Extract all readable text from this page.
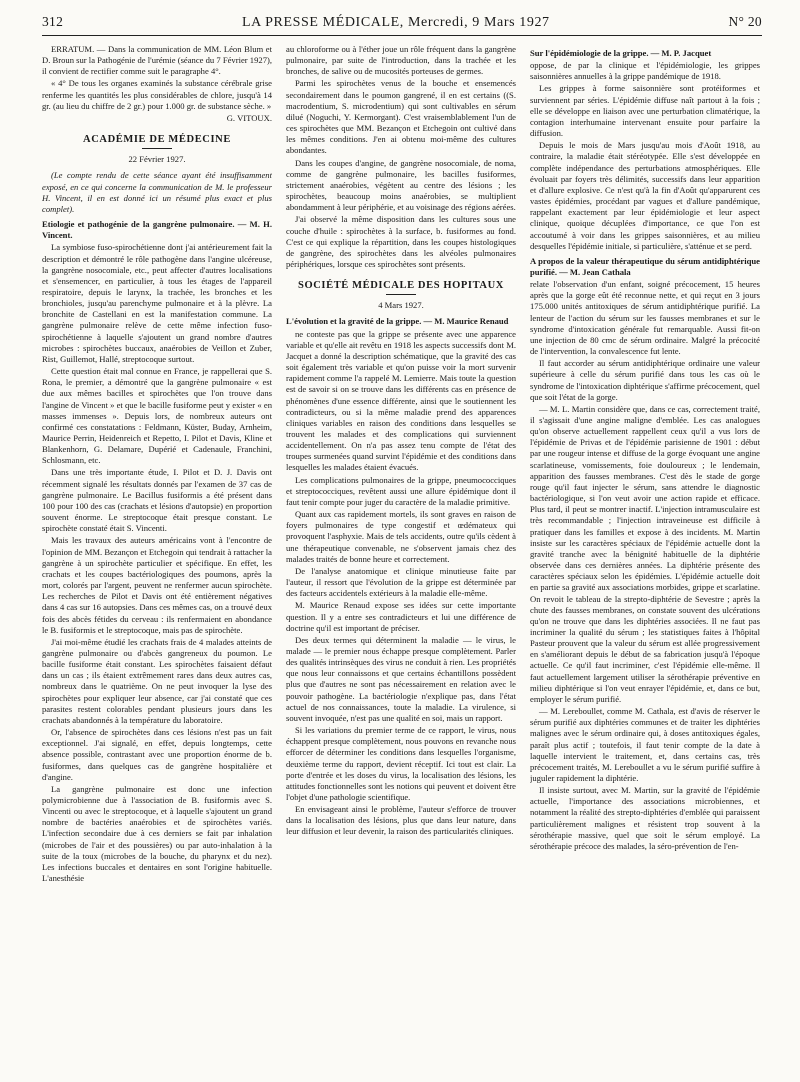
312	LA PRESSE MÉDICALE, Mercredi, 9 Mars 1927	N° 20

ERRATUM. — Dans la communication de MM. Léon Blum et D. Broun sur la Pathogénie de l'urémie (séance du 7 Février 1927), il convient de rectifier comme suit le paragraphe 4°.

« 4° De tous les organes examinés la substance cérébrale grise renferme les quantités les plus considérables de chlore, jusqu'à 14 gr. (au lieu du chiffre de 2 gr.) pour 1.000 gr. de substance sèche. »

G. VITOUX.

ACADÉMIE DE MÉDECINE
22 Février 1927.

(Le compte rendu de cette séance ayant été insuffisamment exposé, en ce qui concerne la communication de M. le professeur H. Vincent, il en est donné ici un résumé plus exact et plus complet).

Etiologie et pathogénie de la gangrène pulmonaire. — M. H. Vincent.

La symbiose fuso-spirochétienne dont j'ai antérieurement fait la description et démontré le rôle pathogène dans l'angine ulcéreuse, la gangrène nosocomiale, etc., peut affecter d'autres localisations et s'ensemencer, en particulier, à tous les étages de l'appareil respiratoire, depuis le larynx, la trachée, les bronches et les bronchioles, jusqu'au parenchyme pulmonaire et à la plèvre. La bronchite de Castellani en est la manifestation commune. La gangrène pulmonaire relève de cette même infection fuso-spirochétienne à laquelle s'ajoutent un grand nombre d'autres microbes : spirochètes buccaux, anaérobies de Veillon et Zuber, Rist, Guillemot, Hallé, streptocoque surtout.

Cette question était mal connue en France, je rappellerai que S. Rona, le premier, a démontré que la gangrène pulmonaire « est due aux mêmes bacilles et spirochètes que l'on trouve dans l'angine de Vincent » et que le bacille fusiforme peut y exister « en masses immenses ». Depuis lors, de nombreux auteurs ont confirmé ces constatations : Feldmann, Küster, Buday, Arnheim, Maurice Perrin, Heidenreich et Repetto, I. Pilot et Davis, Kline et Blankenhorn, G. Delamare, Dupérié et Cadenaule, Franchini, Schlosmann, etc.

Dans une très importante étude, I. Pilot et D. J. Davis ont récemment signalé les résultats donnés par l'examen de 37 cas de gangrène pulmonaire. Le Bacillus fusiformis a été présent dans 100 pour 100 des cas (crachats et lésions d'autopsie) en proportion souvent énorme. Le streptocoque était presque constant. Le spirochète constaté était S. Vincenti.

Mais les travaux des auteurs américains vont à l'encontre de l'opinion de MM. Bezançon et Etchegoin qui tendrait à rattacher la gangrène à un spirochète particulier et spécifique. En effet, les crachats et les coupes bactériologiques des poumons, après la mort, colorés par l'argent, peuvent ne renfermer aucun spirochète. Les recherches de Pilot et Davis ont été entièrement négatives dans 4 cas sur 16 autopsies. Dans ces mêmes cas, on a trouvé deux fois des abcès fétides du cerveau : ils renfermaient en abondance le B. fusiformis et le streptocoque, mais pas de spirochète.

J'ai moi-même étudié les crachats frais de 4 malades atteints de gangrène pulmonaire ou d'abcès gangreneux du poumon. Le bacille fusiforme était constant. Les spirochètes faisaient défaut dans un cas ; ils étaient extrêmement rares dans deux autres cas, nombreux dans le quatrième. On ne peut invoquer la lyse des spirochètes pour expliquer leur absence, car j'ai constaté que ces parasites restent colorables pendant plusieurs jours dans les crachats abandonnés à la température du laboratoire.

Or, l'absence de spirochètes dans ces lésions n'est pas un fait exceptionnel. J'ai signalé, en effet, depuis longtemps, cette absence possible, contrastant avec une proportion énorme de b. fusiformes, dans quelques cas de gangrène hospitalière et d'angine.

La gangrène pulmonaire est donc une infection polymicrobienne due à l'association de B. fusiformis avec S. Vincenti ou avec le streptocoque, et à laquelle s'ajoutent un grand nombre de bactéries anaérobies et de spirochètes variés. L'infection secondaire due à ces derniers se fait par inhalation (microbes de l'air et des poussières) ou par auto-inhalation à la suite de la toux (microbes de la bouche, du pharynx et du nez). Les infections buccales et dentaires en sont l'origine habituelle. L'anesthésie

au chloroforme ou à l'éther joue un rôle fréquent dans la gangrène pulmonaire, par suite de l'introduction, dans la trachée et les bronches, de salive ou de mucosités porteuses de germes.

Parmi les spirochètes venus de la bouche et ensemencés secondairement dans le poumon gangrené, il en est certains ((S. macrodentium, S. microdentium) qui sont cultivables en sérum dilué (Noguchi, Y. Kermorgant). C'est vraisemblablement l'un de ces spirochètes que MM. Bezançon et Etchegoin ont cultivé dans les mêmes conditions. J'en ai obtenu moi-même des cultures abondantes.

Dans les coupes d'angine, de gangrène nosocomiale, de noma, comme de gangrène pulmonaire, les bacilles fusiformes, strictement anaérobies, végètent au centre des lésions ; les spirochètes, beaucoup moins anaérobies, se multiplient abondamment à leur périphérie, et au voisinage des régions aérées.

J'ai observé la même disposition dans les cultures sous une couche d'huile : spirochètes à la surface, b. fusiformes au fond. C'est ce qui explique la répartition, dans les coupes histologiques de gangrène, des spirochètes dans les alvéoles pulmonaires périphériques, lorsque ces spirochètes sont présents.

SOCIÉTÉ MÉDICALE DES HOPITAUX
4 Mars 1927.

L'évolution et la gravité de la grippe. — M. Maurice Renaud

ne conteste pas que la grippe se présente avec une apparence variable et qu'elle ait revêtu en 1918 les aspects successifs dont M. Jacquet a donné la description schématique, que la gravité des cas soit également très variable et qu'on puisse voir la mort survenir rapidement comme l'a rappelé M. Lemierre. Mais toute la question est de savoir si on se trouve dans les différents cas en présence de phénomènes d'une essence différente, ainsi que le soutiennent les contradicteurs, ou si la même maladie prend des apparences cliniques variables en raison des conditions dans lesquelles se trouvent les malades et des complications qui surviennent accidentellement. On n'a pas assez tenu compte de l'état des troupes surmenées quand survint l'épidémie et des conditions dans lesquelles les malades étaient évacués.

Les complications pulmonaires de la grippe, pneumococciques et streptococciques, revêtent aussi une allure épidémique dont il faut tenir compte pour juger du caractère de la maladie primitive.

Quant aux cas rapidement mortels, ils sont graves en raison de foyers pulmonaires de type congestif et œdémateux qui provoquent l'asphyxie. Mais de tels accidents, outre qu'ils cèdent à une thérapeutique convenable, ne s'observent jamais chez des malades traités de bonne heure et correctement.

De l'analyse anatomique et clinique minutieuse faite par l'auteur, il ressort que l'évolution de la grippe est déterminée par des facteurs accidentels extérieurs à la maladie elle-même.

M. Maurice Renaud expose ses idées sur cette importante question. Il y a entre ses contradicteurs et lui une différence de doctrine qu'il est important de préciser.

Des deux termes qui déterminent la maladie — le virus, le malade — le premier nous échappe presque complètement. Parler des qualités intrinsèques des virus ne conduit à rien. Les propriétés que nous leur connaissons et que certains échantillons possèdent plus que d'autres ne sont pas nécessairement en relation avec le pouvoir pathogène. La bactériologie n'explique pas, dans l'état actuel de nos connaissances, toute la maladie. La virulence, si souvent invoquée, n'est pas une qualité en soi, mais un rapport.

Si les variations du premier terme de ce rapport, le virus, nous échappent presque complètement, nous pouvons en revanche nous efforcer de déterminer les conditions dans lesquelles l'organisme, deuxième terme du rapport, devient réceptif. Ici tout est clair. La porte d'entrée et les doses du virus, la localisation des lésions, les attitudes fonctionnelles sont les notions qui peuvent et doivent être l'objet d'une pathologie scientifique.

En envisageant ainsi le problème, l'auteur s'efforce de trouver dans la localisation des lésions, plus que dans leur nature, dans leur diffusion et leur devenir, la raison des particularités cliniques.

Sur l'épidémiologie de la grippe. — M. P. Jacquet

oppose, de par la clinique et l'épidémiologie, les grippes saisonnières annuelles à la grippe pandémique de 1918.

Les grippes à forme saisonnière sont protéiformes et surviennent par séries. L'épidémie diffuse naît partout à la fois ; elle se développe en liaison avec une perturbation climatérique, la contagion interhumaine intervenant ensuite pour parfaire la diffusion.

Depuis le mois de Mars jusqu'au mois d'Août 1918, au contraire, la maladie était stéréotypée. Elle s'est développée en complète indépendance des perturbations atmosphériques. Elle évoluait par foyers très délimités, successifs dans leur apparition et d'allure explosive. Ce n'est qu'à la fin d'Août qu'apparurent ces vastes épidémies, procédant par vagues et d'allure pandémique, rappelant exactement par leur épidémiologie et leur aspect clinique, quoique décuplées d'importance, ce que l'on est accoutumé à voir dans les grippes saisonnières, et au milieu desquelles l'épidémie initiale, si particulière, s'atténue et se perd.

A propos de la valeur thérapeutique du sérum antidiphtérique purifié. — M. Jean Cathala

relate l'observation d'un enfant, soigné précocement, 15 heures après que la gorge eût été reconnue nette, et qui reçut en 3 jours 175.000 unités antitoxiques de sérum antidiphtérique purifié. La lenteur de l'action du sérum sur les fausses membranes et sur le syndrome d'intoxication générale fut remarquable. Aussi fit-on une injection de 80 cmc de sérum ordinaire. Malgré la précocité de l'intervention, la convalescence fut lente.

Il faut accorder au sérum antidiphtérique ordinaire une valeur supérieure à celle du sérum purifié dans tous les cas où le syndrome de l'intoxication diphtérique s'affirme précocement, quel que soit l'état de la gorge.

— M. L. Martin considère que, dans ce cas, correctement traité, il s'agissait d'une angine maligne d'emblée. Les cas analogues qu'on observe actuellement rappellent ceux qu'il a vus lors de l'épidémie de Privas et de l'épidémie parisienne de 1901 : début par une rougeur intense et diffuse de la gorge évoquant une angine scarlatineuse, vomissements, foie douloureux ; le lendemain, apparition des fausses membranes. C'est dès le stade de gorge rouge qu'il faut injecter le sérum, sans attendre le diagnostic bactériologique, si l'on veut avoir une action rapide et efficace. Plus tard, il peut se montrer inactif. L'injection intramusculaire est très recommandable ; l'injection intraveineuse est difficile à pratiquer dans les familles et expose à des incidents. M. Martin insiste sur les caractères spéciaux de l'épidémie actuelle dont la gravité tranche avec la bénignité habituelle de la diphtérie observée dans ces dernières années. La diphtérie présente des caractères spéciaux selon les épidémies. L'épidémie actuelle doit en partie sa gravité aux associations morbides, grippe et scarlatine. On revoit le tableau de la strepto-diphtérie de Sevestre ; après la chute des fausses membranes, on constate souvent des ulcérations qu'on ne trouve que dans les diphtéries associées. Il ne faut pas incriminer la qualité du sérum ; les statistiques faites à l'hôpital Pasteur prouvent que la valeur du sérum est allée progressivement en s'améliorant depuis le début de sa fabrication jusqu'à l'époque actuelle. Ce qu'il faut incriminer, c'est l'épidémie elle-même. Il faut actuellement largement utiliser la sérothérapie préventive en milieu diphtérique si l'on veut enrayer l'épidémie, et, dans ce but, employer le sérum purifié.

— M. Lereboullet, comme M. Cathala, est d'avis de réserver le sérum purifié aux diphtéries communes et de traiter les diphtéries malignes avec le sérum ordinaire qui, à doses antitoxiques égales, paraît plus actif ; toutefois, il faut tenir compte de la date à laquelle intervient le traitement, et, dans certains cas, très précocement traités, M. Lereboullet a vu le sérum purifié suffire à juguler rapidement la diphtérie.

Il insiste surtout, avec M. Martin, sur la gravité de l'épidémie actuelle, l'importance des associations microbiennes, et notamment la réalité des strepto-diphtéries d'emblée qui paraissent particulièrement malignes et résistent trop souvent à la sérothérapie massive, quel que soit le sérum employé. La sérothérapie précoce des malades, la séro-prévention de l'en-
